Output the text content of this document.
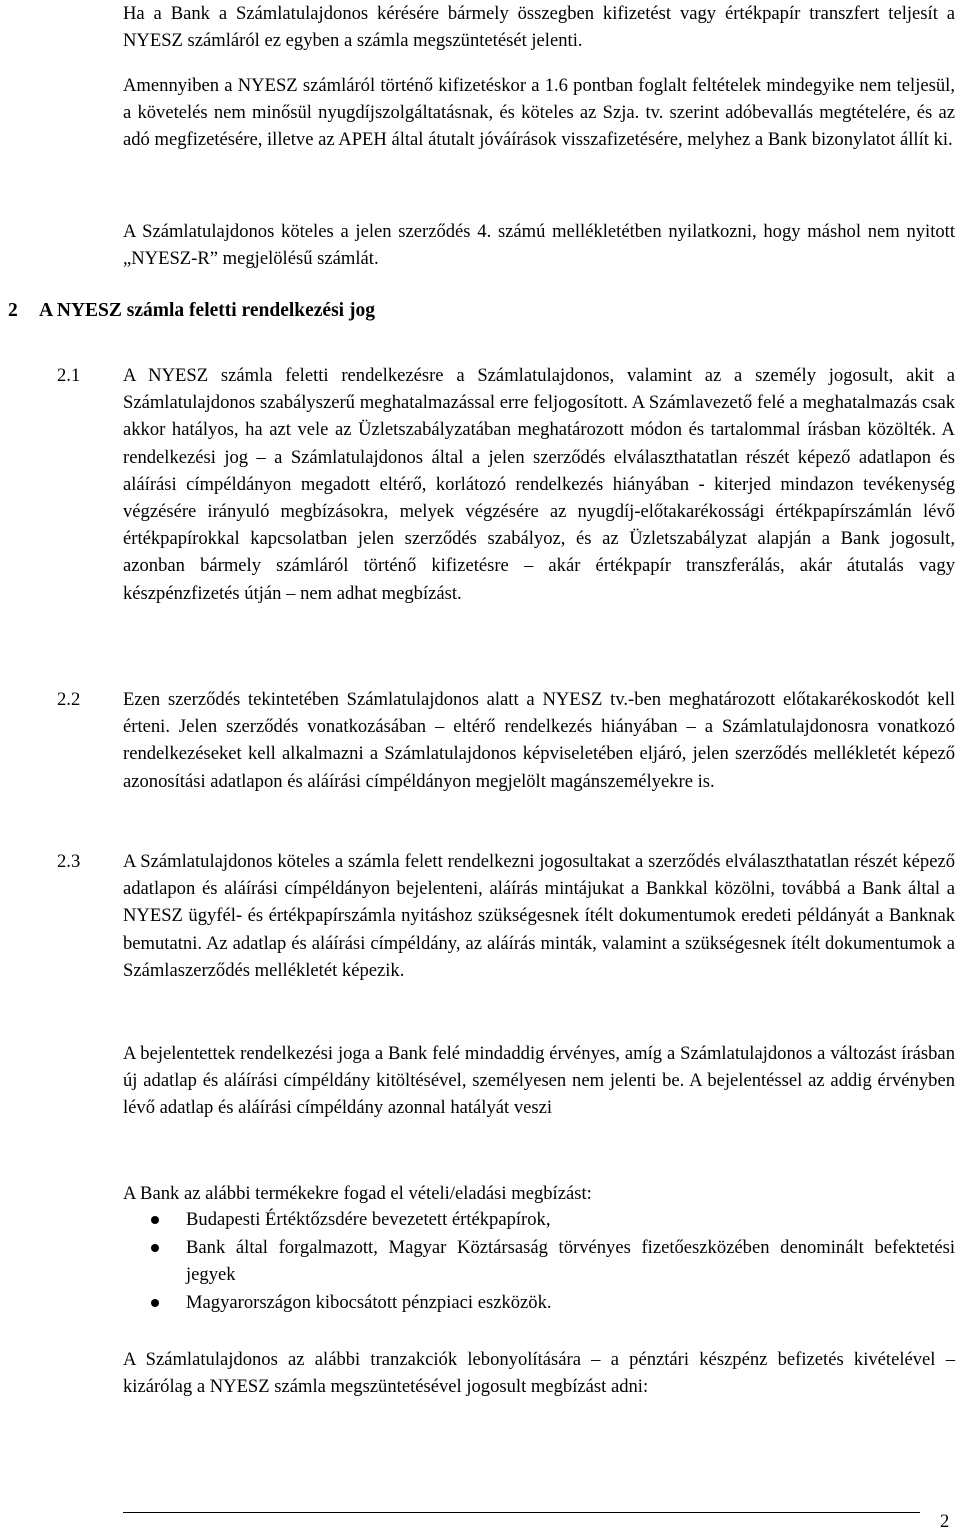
Ha a Bank a Számlatulajdonos kérésére bármely összegben kifizetést vagy értékpapír transzfert teljesít a NYESZ számláról ez egyben a számla megszüntetését jelenti.

Amennyiben a NYESZ számláról történő kifizetéskor a 1.6 pontban foglalt feltételek mindegyike nem teljesül, a követelés nem minősül nyugdíjszolgáltatásnak, és köteles az Szja. tv. szerint adóbevallás megtételére, és az adó megfizetésére, illetve az APEH által átutalt jóváírások visszafizetésére, melyhez a Bank bizonylatot állít ki.

A Számlatulajdonos köteles a jelen szerződés 4. számú mellékletétben nyilatkozni, hogy máshol nem nyitott „NYESZ-R” megjelölésű számlát.

2 A NYESZ számla feletti rendelkezési jog

2.1 A NYESZ számla feletti rendelkezésre a Számlatulajdonos, valamint az a személy jogosult, akit a Számlatulajdonos szabályszerű meghatalmazással erre feljogosított. A Számlavezető felé a meghatalmazás csak akkor hatályos, ha azt vele az Üzletszabályzatában meghatározott módon és tartalommal írásban közölték. A rendelkezési jog – a Számlatulajdonos által a jelen szerződés elválaszthatatlan részét képező adatlapon és aláírási címpéldányon megadott eltérő, korlátozó rendelkezés hiányában - kiterjed mindazon tevékenység végzésére irányuló megbízásokra, melyek végzésére az nyugdíj-előtakarékossági értékpapírszámlán lévő értékpapírokkal kapcsolatban jelen szerződés szabályoz, és az Üzletszabályzat alapján a Bank jogosult, azonban bármely számláról történő kifizetésre – akár értékpapír transzferálás, akár átutalás vagy készpénzfizetés útján – nem adhat megbízást.

2.2 Ezen szerződés tekintetében Számlatulajdonos alatt a NYESZ tv.-ben meghatározott előtakarékoskodót kell érteni. Jelen szerződés vonatkozásában – eltérő rendelkezés hiányában – a Számlatulajdonosra vonatkozó rendelkezéseket kell alkalmazni a Számlatulajdonos képviseletében eljáró, jelen szerződés mellékletét képező azonosítási adatlapon és aláírási címpéldányon megjelölt magánszemélyekre is.

2.3 A Számlatulajdonos köteles a számla felett rendelkezni jogosultakat a szerződés elválaszthatatlan részét képező adatlapon és aláírási címpéldányon bejelenteni, aláírás mintájukat a Bankkal közölni, továbbá a Bank által a NYESZ ügyfél- és értékpapírszámla nyitáshoz szükségesnek ítélt dokumentumok eredeti példányát a Banknak bemutatni. Az adatlap és aláírási címpéldány, az aláírás minták, valamint a szükségesnek ítélt dokumentumok a Számlaszerződés mellékletét képezik.

A bejelentettek rendelkezési joga a Bank felé mindaddig érvényes, amíg a Számlatulajdonos a változást írásban új adatlap és aláírási címpéldány kitöltésével, személyesen nem jelenti be. A bejelentéssel az addig érvényben lévő adatlap és aláírási címpéldány azonnal hatályát veszi

A Bank az alábbi termékekre fogad el vételi/eladási megbízást:

Budapesti Értéktőzsdére bevezetett értékpapírok,

Bank által forgalmazott, Magyar Köztársaság törvényes fizetőeszközében denominált befektetési jegyek

Magyarországon kibocsátott pénzpiaci eszközök.

A Számlatulajdonos az alábbi tranzakciók lebonyolítására – a pénztári készpénz befizetés kivételével – kizárólag a NYESZ számla megszüntetésével jogosult megbízást adni:

2
